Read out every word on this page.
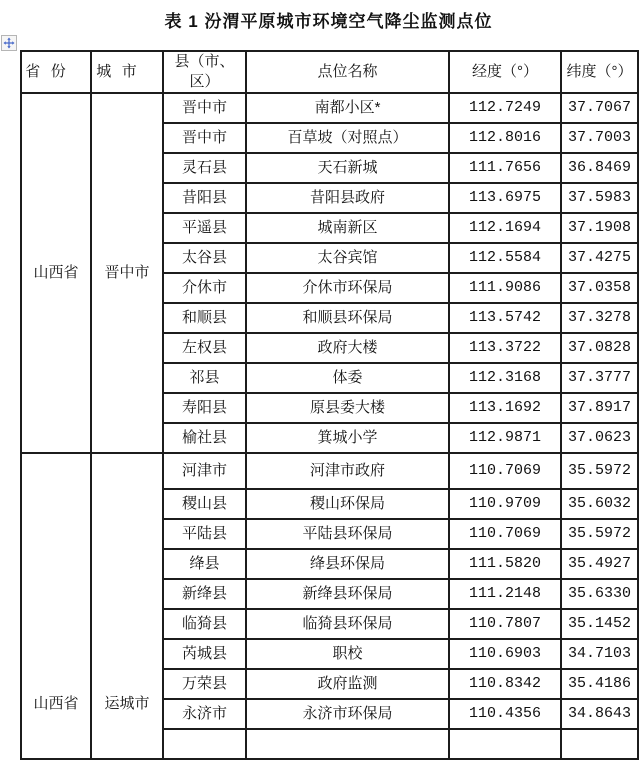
表 1 汾渭平原城市环境空气降尘监测点位
省份	城市	县（市、区）	点位名称	经度（°）	纬度（°）
山西省	晋中市	晋中市	南都小区*	112.7249	37.7067
		晋中市	百草坡（对照点）	112.8016	37.7003
		灵石县	天石新城	111.7656	36.8469
		昔阳县	昔阳县政府	113.6975	37.5983
		平遥县	城南新区	112.1694	37.1908
		太谷县	太谷宾馆	112.5584	37.4275
		介休市	介休市环保局	111.9086	37.0358
		和顺县	和顺县环保局	113.5742	37.3278
		左权县	政府大楼	113.3722	37.0828
		祁县	体委	112.3168	37.3777
		寿阳县	原县委大楼	113.1692	37.8917
		榆社县	箕城小学	112.9871	37.0623
山西省	运城市	河津市	河津市政府	110.7069	35.5972
		稷山县	稷山环保局	110.9709	35.6032
		平陆县	平陆县环保局	110.7069	35.5972
		绛县	绛县环保局	111.5820	35.4927
		新绛县	新绛县环保局	111.2148	35.6330
		临猗县	临猗县环保局	110.7807	35.1452
		芮城县	职校	110.6903	34.7103
		万荣县	政府监测	110.8342	35.4186
		永济市	永济市环保局	110.4356	34.8643
